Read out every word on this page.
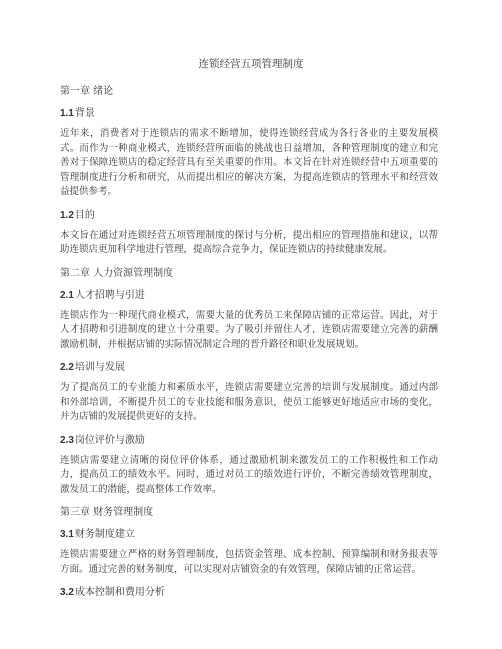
连锁经营五项管理制度
第一章 绪论
1.1背景
近年来，消费者对于连锁店的需求不断增加，使得连锁经营成为各行各业的主要发展模式。而作为一种商业模式，连锁经营所面临的挑战也日益增加，各种管理制度的建立和完善对于保障连锁店的稳定经营具有至关重要的作用。本文旨在针对连锁经营中五项重要的管理制度进行分析和研究，从而提出相应的解决方案，为提高连锁店的管理水平和经营效益提供参考。
1.2目的
本文旨在通过对连锁经营五项管理制度的探讨与分析，提出相应的管理措施和建议，以帮助连锁店更加科学地进行管理，提高综合竞争力，保证连锁店的持续健康发展。
第二章 人力资源管理制度
2.1人才招聘与引进
连锁店作为一种现代商业模式，需要大量的优秀员工来保障店铺的正常运营。因此，对于人才招聘和引进制度的建立十分重要。为了吸引并留住人才，连锁店需要建立完善的薪酬激励机制，并根据店铺的实际情况制定合理的晋升路径和职业发展规划。
2.2培训与发展
为了提高员工的专业能力和素质水平，连锁店需要建立完善的培训与发展制度。通过内部和外部培训，不断提升员工的专业技能和服务意识，使员工能够更好地适应市场的变化，并为店铺的发展提供更好的支持。
2.3岗位评价与激励
连锁店需要建立清晰的岗位评价体系，通过激励机制来激发员工的工作积极性和工作动力，提高员工的绩效水平。同时，通过对员工的绩效进行评价，不断完善绩效管理制度，激发员工的潜能，提高整体工作效率。
第三章 财务管理制度
3.1财务制度建立
连锁店需要建立严格的财务管理制度，包括资金管理、成本控制、预算编制和财务报表等方面。通过完善的财务制度，可以实现对店铺资金的有效管理，保障店铺的正常运营。
3.2成本控制和费用分析
